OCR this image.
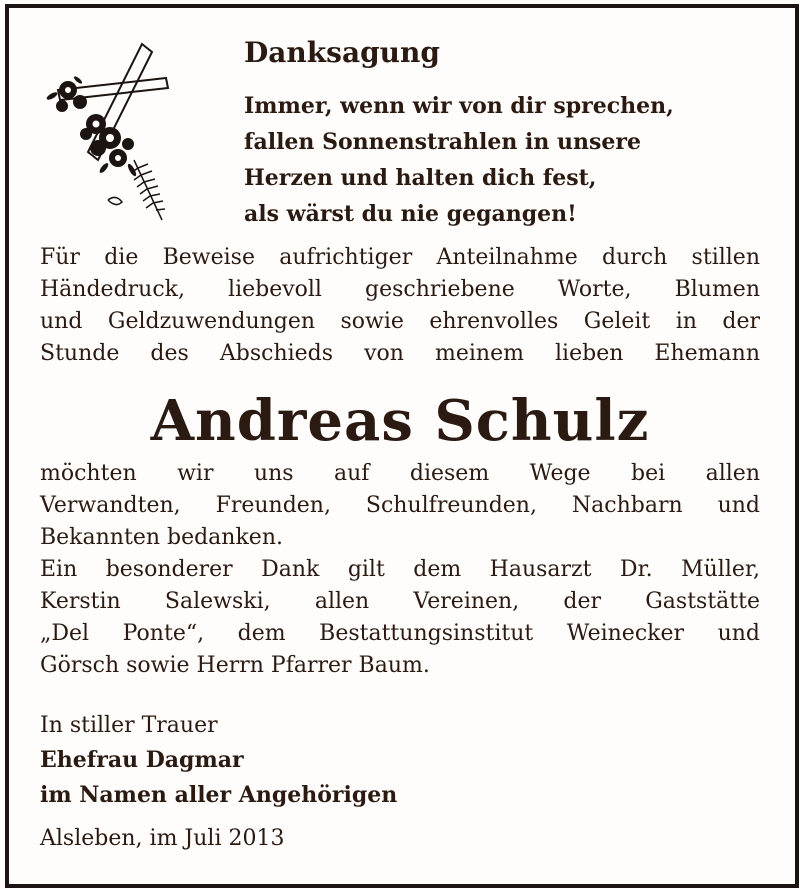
Danksagung
Immer, wenn wir von dir sprechen,
fallen Sonnenstrahlen in unsere
Herzen und halten dich fest,
als wärst du nie gegangen!
Für die Beweise aufrichtiger Anteilnahme durch stillen
Händedruck, liebevoll geschriebene Worte, Blumen
und Geldzuwendungen sowie ehrenvolles Geleit in der
Stunde des Abschieds von meinem lieben Ehemann
Andreas Schulz
möchten wir uns auf diesem Wege bei allen
Verwandten, Freunden, Schulfreunden, Nachbarn und
Bekannten bedanken.
Ein besonderer Dank gilt dem Hausarzt Dr. Müller,
Kerstin Salewski, allen Vereinen, der Gaststätte
„Del Ponte“, dem Bestattungsinstitut Weinecker und
Görsch sowie Herrn Pfarrer Baum.
In stiller Trauer
Ehefrau Dagmar
im Namen aller Angehörigen
Alsleben, im Juli 2013
